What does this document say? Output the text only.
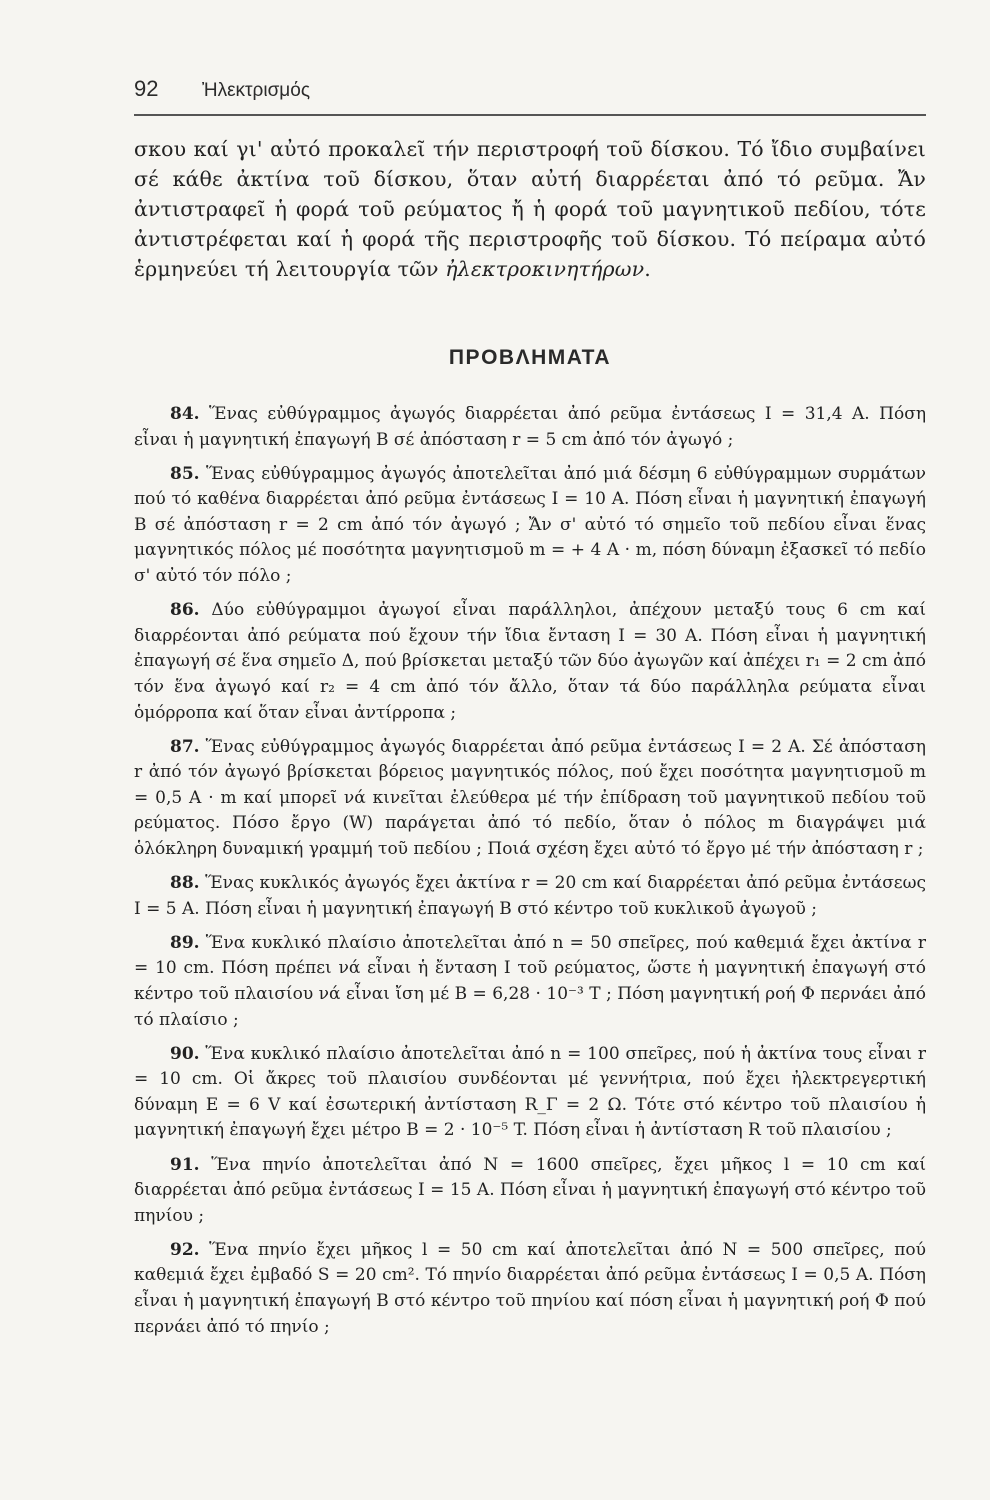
92 Ἠλεκτρισμός

σκου καί γι' αὐτό προκαλεῖ τήν περιστροφή τοῦ δίσκου. Τό ἴδιο συμβαίνει σέ κάθε ἀκτίνα τοῦ δίσκου, ὅταν αὐτή διαρρέεται ἀπό τό ρεῦμα. Ἄν ἀντιστραφεῖ ἡ φορά τοῦ ρεύματος ἤ ἡ φορά τοῦ μαγνητικοῦ πεδίου, τότε ἀντιστρέφεται καί ἡ φορά τῆς περιστροφῆς τοῦ δίσκου. Τό πείραμα αὐτό ἑρμηνεύει τή λειτουργία τῶν ἠλεκτροκινητήρων.

ΠΡΟΒΛΗΜΑΤΑ

84. Ἕνας εὐθύγραμμος ἀγωγός διαρρέεται ἀπό ρεῦμα ἐντάσεως I = 31,4 A. Πόση εἶναι ἡ μαγνητική ἐπαγωγή B σέ ἀπόσταση r = 5 cm ἀπό τόν ἀγωγό ;

85. Ἕνας εὐθύγραμμος ἀγωγός ἀποτελεῖται ἀπό μιά δέσμη 6 εὐθύγραμμων συρμάτων πού τό καθένα διαρρέεται ἀπό ρεῦμα ἐντάσεως I = 10 A. Πόση εἶναι ἡ μαγνητική ἐπαγωγή B σέ ἀπόσταση r = 2 cm ἀπό τόν ἀγωγό ; Ἄν σ' αὐτό τό σημεῖο τοῦ πεδίου εἶναι ἕνας μαγνητικός πόλος μέ ποσότητα μαγνητισμοῦ m = + 4 A · m, πόση δύναμη ἐξασκεῖ τό πεδίο σ' αὐτό τόν πόλο ;

86. Δύο εὐθύγραμμοι ἀγωγοί εἶναι παράλληλοι, ἀπέχουν μεταξύ τους 6 cm καί διαρρέονται ἀπό ρεύματα πού ἔχουν τήν ἴδια ἔνταση I = 30 A. Πόση εἶναι ἡ μαγνητική ἐπαγωγή σέ ἕνα σημεῖο Δ, πού βρίσκεται μεταξύ τῶν δύο ἀγωγῶν καί ἀπέχει r₁ = 2 cm ἀπό τόν ἕνα ἀγωγό καί r₂ = 4 cm ἀπό τόν ἄλλο, ὅταν τά δύο παράλληλα ρεύματα εἶναι ὁμόρροπα καί ὅταν εἶναι ἀντίρροπα ;

87. Ἕνας εὐθύγραμμος ἀγωγός διαρρέεται ἀπό ρεῦμα ἐντάσεως I = 2 A. Σέ ἀπόσταση r ἀπό τόν ἀγωγό βρίσκεται βόρειος μαγνητικός πόλος, πού ἔχει ποσότητα μαγνητισμοῦ m = 0,5 A · m καί μπορεῖ νά κινεῖται ἐλεύθερα μέ τήν ἐπίδραση τοῦ μαγνητικοῦ πεδίου τοῦ ρεύματος. Πόσο ἔργο (W) παράγεται ἀπό τό πεδίο, ὅταν ὁ πόλος m διαγράψει μιά ὁλόκληρη δυναμική γραμμή τοῦ πεδίου ; Ποιά σχέση ἔχει αὐτό τό ἔργο μέ τήν ἀπόσταση r ;

88. Ἕνας κυκλικός ἀγωγός ἔχει ἀκτίνα r = 20 cm καί διαρρέεται ἀπό ρεῦμα ἐντάσεως I = 5 A. Πόση εἶναι ἡ μαγνητική ἐπαγωγή B στό κέντρο τοῦ κυκλικοῦ ἀγωγοῦ ;

89. Ἕνα κυκλικό πλαίσιο ἀποτελεῖται ἀπό n = 50 σπεῖρες, πού καθεμιά ἔχει ἀκτίνα r = 10 cm. Πόση πρέπει νά εἶναι ἡ ἔνταση I τοῦ ρεύματος, ὥστε ἡ μαγνητική ἐπαγωγή στό κέντρο τοῦ πλαισίου νά εἶναι ἴση μέ B = 6,28 · 10⁻³ T ; Πόση μαγνητική ροή Φ περνάει ἀπό τό πλαίσιο ;

90. Ἕνα κυκλικό πλαίσιο ἀποτελεῖται ἀπό n = 100 σπεῖρες, πού ἡ ἀκτίνα τους εἶναι r = 10 cm. Οἱ ἄκρες τοῦ πλαισίου συνδέονται μέ γεννήτρια, πού ἔχει ἠλεκτρεγερτική δύναμη E = 6 V καί ἐσωτερική ἀντίσταση R_Γ = 2 Ω. Τότε στό κέντρο τοῦ πλαισίου ἡ μαγνητική ἐπαγωγή ἔχει μέτρο B = 2 · 10⁻⁵ T. Πόση εἶναι ἡ ἀντίσταση R τοῦ πλαισίου ;

91. Ἕνα πηνίο ἀποτελεῖται ἀπό N = 1600 σπεῖρες, ἔχει μῆκος l = 10 cm καί διαρρέεται ἀπό ρεῦμα ἐντάσεως I = 15 A. Πόση εἶναι ἡ μαγνητική ἐπαγωγή στό κέντρο τοῦ πηνίου ;

92. Ἕνα πηνίο ἔχει μῆκος l = 50 cm καί ἀποτελεῖται ἀπό N = 500 σπεῖρες, πού καθεμιά ἔχει ἐμβαδό S = 20 cm². Τό πηνίο διαρρέεται ἀπό ρεῦμα ἐντάσεως I = 0,5 A. Πόση εἶναι ἡ μαγνητική ἐπαγωγή B στό κέντρο τοῦ πηνίου καί πόση εἶναι ἡ μαγνητική ροή Φ πού περνάει ἀπό τό πηνίο ;
